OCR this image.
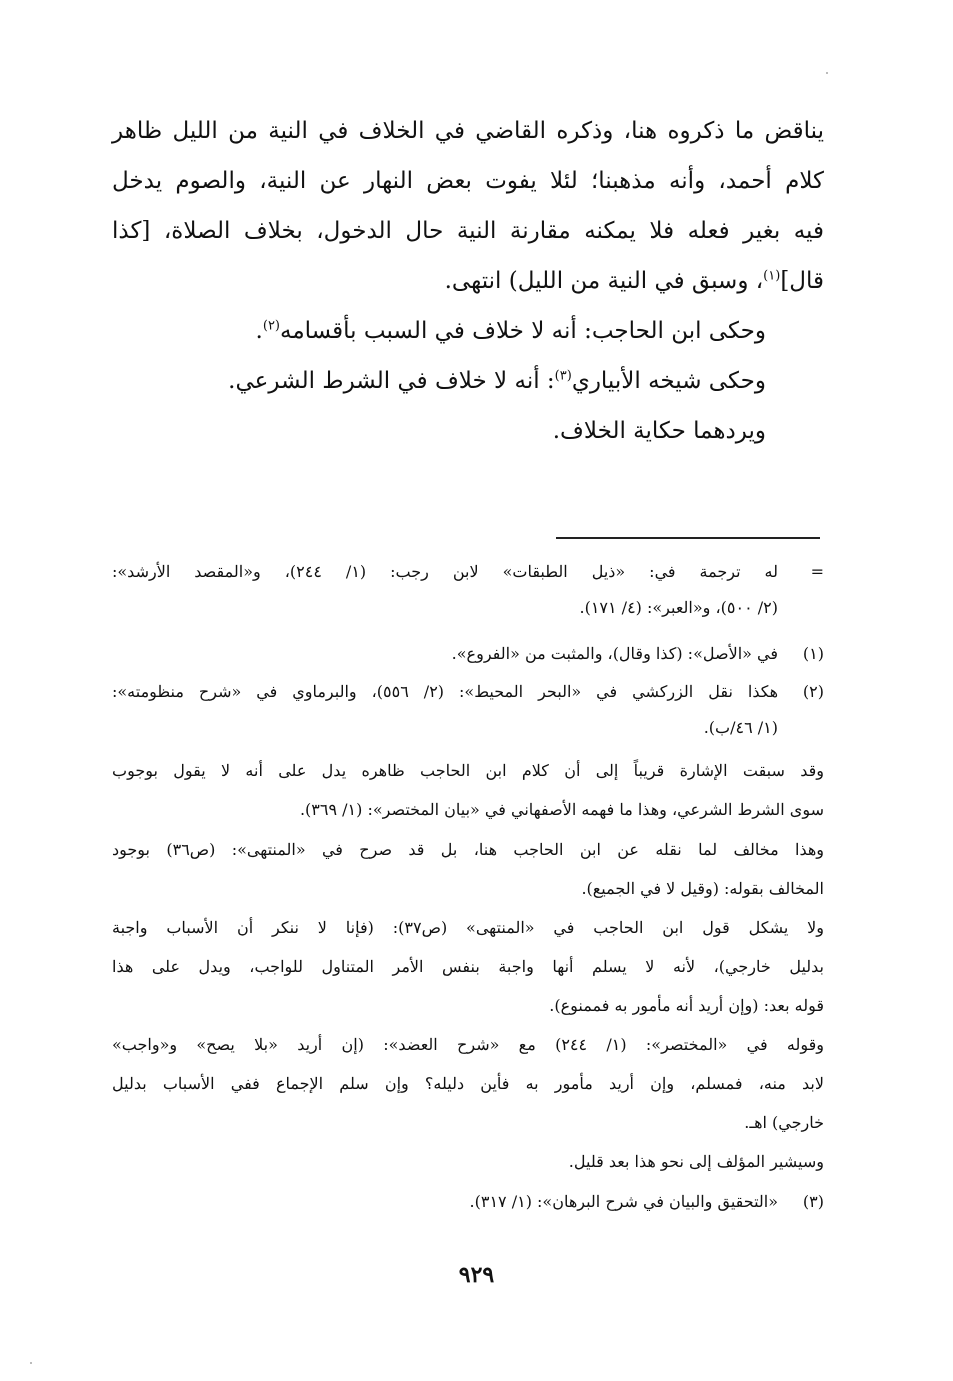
يناقض ما ذكروه هنا، وذكره القاضي في الخلاف في النية من الليل ظاهر
كلام أحمد، وأنه مذهبنا؛ لئلا يفوت بعض النهار عن النية، والصوم يدخل
فيه بغير فعله فلا يمكنه مقارنة النية حال الدخول، بخلاف الصلاة، [كذا
قال]$^{(١)}$، وسبق في النية من الليل) انتهى.
وحكى ابن الحاجب: أنه لا خلاف في السبب بأقسامه$^{(٢)}$.
وحكى شيخه الأبياري$^{(٣)}$: أنه لا خلاف في الشرط الشرعي.
ويردهما حكاية الخلاف.
=
له ترجمة في: «ذيل الطبقات» لابن رجب: (١/ ٢٤٤)، و«المقصد الأرشد»:
(٢/ ٥٠٠)، و«العبر»: (٤/ ١٧١).
(١)
في «الأصل»: (كذا وقال)، والمثبت من «الفروع».
(٢)
هكذا نقل الزركشي في «البحر المحيط»: (٢/ ٥٥٦)، والبرماوي في «شرح منظومته»:
(١/ ٤٦/ب).
وقد سبقت الإشارة قريباً إلى أن كلام ابن الحاجب ظاهره يدل على أنه لا يقول بوجوب
سوى الشرط الشرعي، وهذا ما فهمه الأصفهاني في «بيان المختصر»: (١/ ٣٦٩).
وهذا مخالف لما نقله عن ابن الحاجب هنا، بل قد صرح في «المنتهى»: (ص٣٦) بوجود
المخالف بقوله: (وقيل لا في الجميع).
ولا يشكل قول ابن الحاجب في «المنتهى» (ص٣٧): (فإنا لا ننكر أن الأسباب واجبة
بدليل خارجي)، لأنه لا يسلم أنها واجبة بنفس الأمر المتناول للواجب، ويدل على هذا
قوله بعد: (وإن أريد أنه مأمور به فممنوع).
وقوله في «المختصر»: (١/ ٢٤٤) مع «شرح العضد»: (إن أريد «بلا يصح» و«واجب»
لابد منه، فمسلم، وإن أريد مأمور به فأين دليله؟ وإن سلم الإجماع ففي الأسباب بدليل
خارجي) اهـ.
وسيشير المؤلف إلى نحو هذا بعد قليل.
(٣)
«التحقيق والبيان في شرح البرهان»: (١/ ٣١٧).
٩٢٩
